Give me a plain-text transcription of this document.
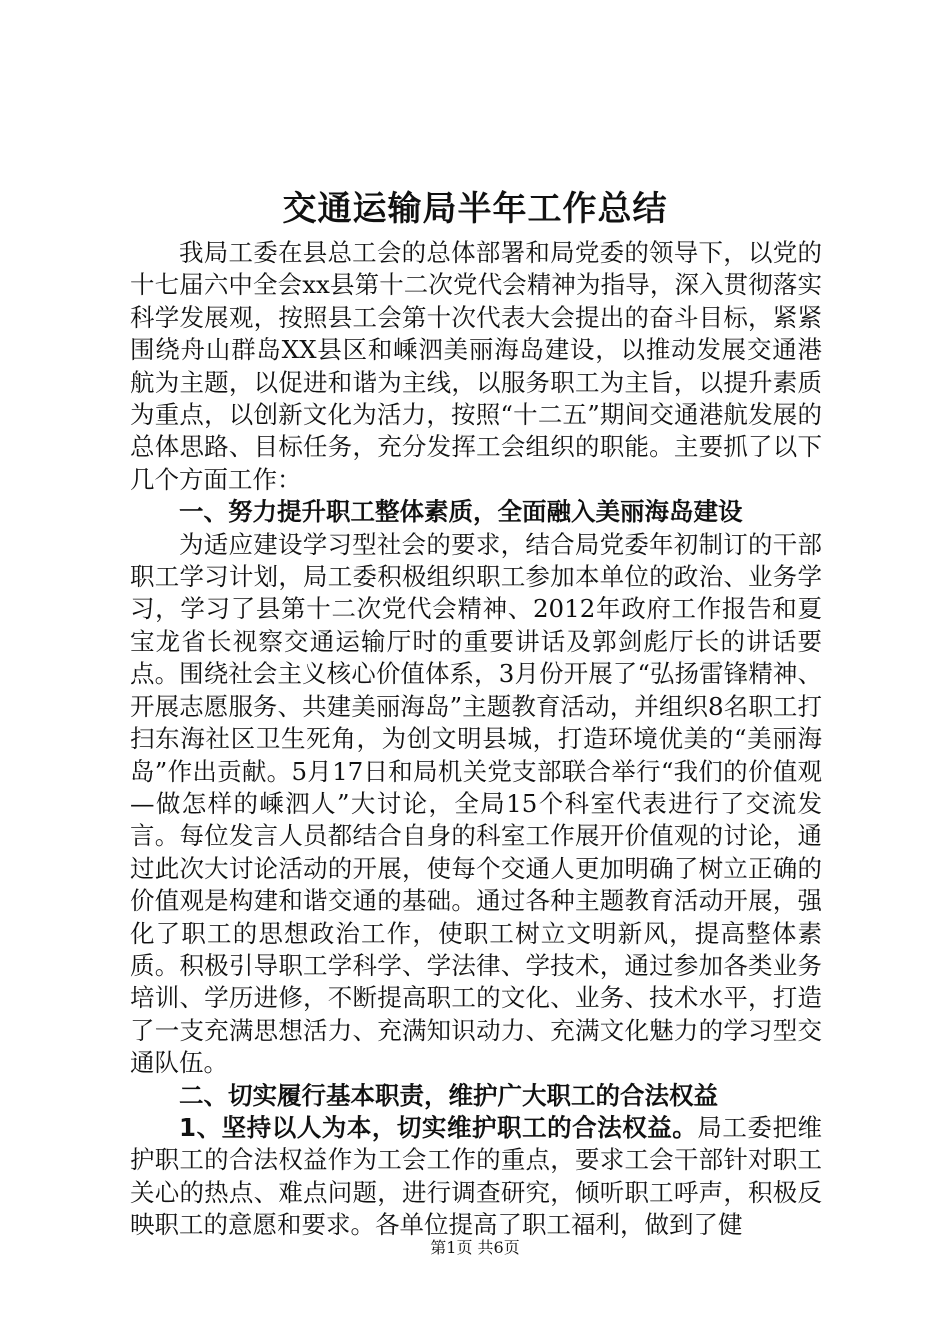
交通运输局半年工作总结

我局工委在县总工会的总体部署和局党委的领导下，以党的十七届六中全会xx县第十二次党代会精神为指导，深入贯彻落实科学发展观，按照县工会第十次代表大会提出的奋斗目标，紧紧围绕舟山群岛XX县区和嵊泗美丽海岛建设，以推动发展交通港航为主题，以促进和谐为主线，以服务职工为主旨，以提升素质为重点，以创新文化为活力，按照“十二五”期间交通港航发展的总体思路、目标任务，充分发挥工会组织的职能。主要抓了以下几个方面工作：

一、努力提升职工整体素质，全面融入美丽海岛建设

为适应建设学习型社会的要求，结合局党委年初制订的干部职工学习计划，局工委积极组织职工参加本单位的政治、业务学习，学习了县第十二次党代会精神、2012年政府工作报告和夏宝龙省长视察交通运输厅时的重要讲话及郭剑彪厅长的讲话要点。围绕社会主义核心价值体系，3月份开展了“弘扬雷锋精神、开展志愿服务、共建美丽海岛”主题教育活动，并组织8名职工打扫东海社区卫生死角，为创文明县城，打造环境优美的“美丽海岛”作出贡献。5月17日和局机关党支部联合举行“我们的价值观—做怎样的嵊泗人”大讨论，全局15个科室代表进行了交流发言。每位发言人员都结合自身的科室工作展开价值观的讨论，通过此次大讨论活动的开展，使每个交通人更加明确了树立正确的价值观是构建和谐交通的基础。通过各种主题教育活动开展，强化了职工的思想政治工作，使职工树立文明新风，提高整体素质。积极引导职工学科学、学法律、学技术，通过参加各类业务培训、学历进修，不断提高职工的文化、业务、技术水平，打造了一支充满思想活力、充满知识动力、充满文化魅力的学习型交通队伍。

二、切实履行基本职责，维护广大职工的合法权益

1、坚持以人为本，切实维护职工的合法权益。局工委把维护职工的合法权益作为工会工作的重点，要求工会干部针对职工关心的热点、难点问题，进行调查研究，倾听职工呼声，积极反映职工的意愿和要求。各单位提高了职工福利，做到了健

第1页 共6页
